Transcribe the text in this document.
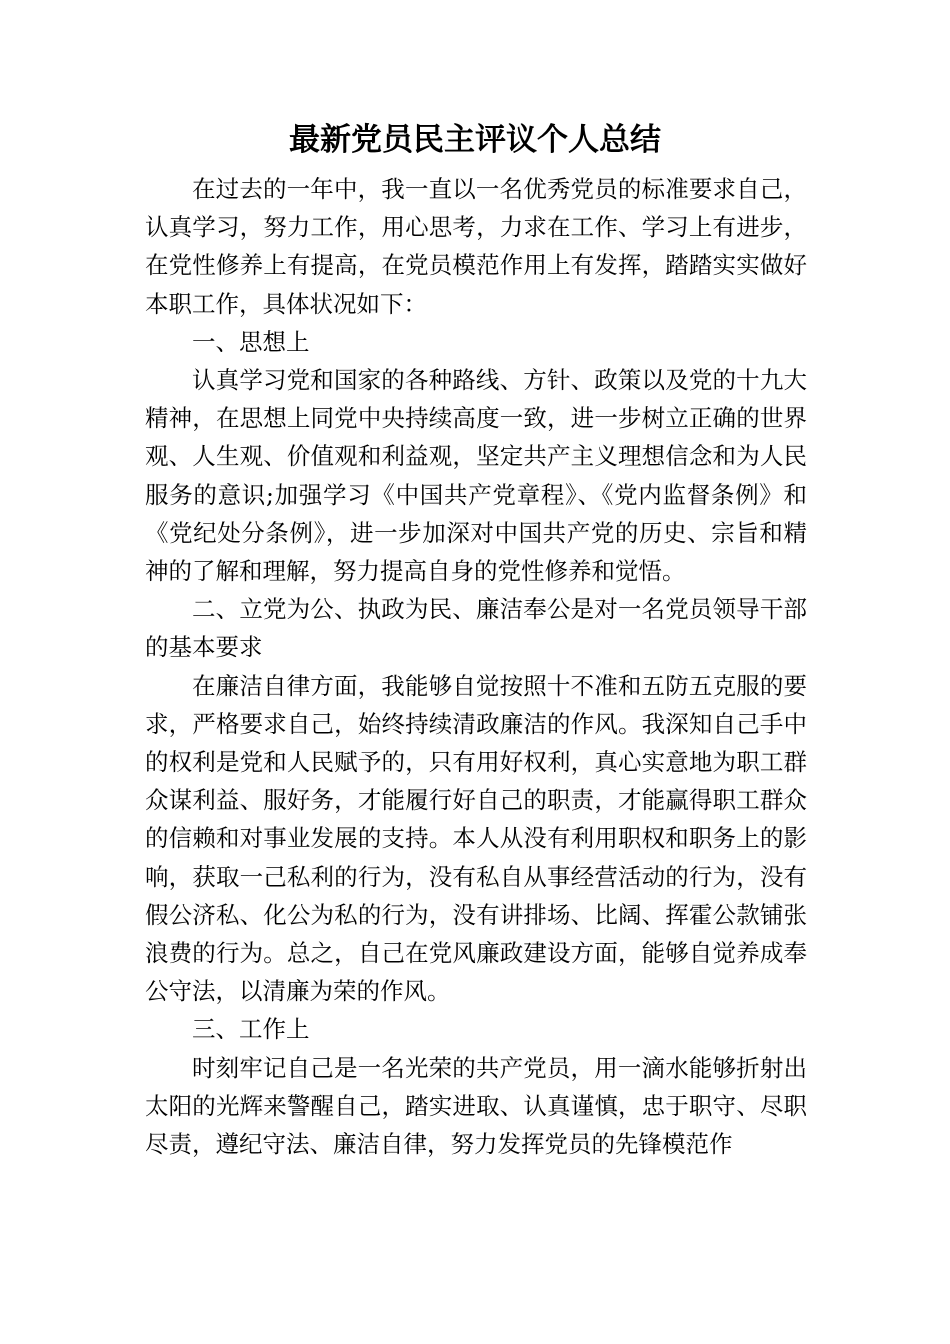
最新党员民主评议个人总结

在过去的一年中，我一直以一名优秀党员的标准要求自己，认真学习，努力工作，用心思考，力求在工作、学习上有进步，在党性修养上有提高，在党员模范作用上有发挥，踏踏实实做好本职工作，具体状况如下：

一、思想上

认真学习党和国家的各种路线、方针、政策以及党的十九大精神，在思想上同党中央持续高度一致，进一步树立正确的世界观、人生观、价值观和利益观，坚定共产主义理想信念和为人民服务的意识;加强学习《中国共产党章程》、《党内监督条例》和《党纪处分条例》，进一步加深对中国共产党的历史、宗旨和精神的了解和理解，努力提高自身的党性修养和觉悟。

二、立党为公、执政为民、廉洁奉公是对一名党员领导干部的基本要求

在廉洁自律方面，我能够自觉按照十不准和五防五克服的要求，严格要求自己，始终持续清政廉洁的作风。我深知自己手中的权利是党和人民赋予的，只有用好权利，真心实意地为职工群众谋利益、服好务，才能履行好自己的职责，才能赢得职工群众的信赖和对事业发展的支持。本人从没有利用职权和职务上的影响，获取一己私利的行为，没有私自从事经营活动的行为，没有假公济私、化公为私的行为，没有讲排场、比阔、挥霍公款铺张浪费的行为。总之，自己在党风廉政建设方面，能够自觉养成奉公守法，以清廉为荣的作风。

三、工作上

时刻牢记自己是一名光荣的共产党员，用一滴水能够折射出太阳的光辉来警醒自己，踏实进取、认真谨慎，忠于职守、尽职尽责，遵纪守法、廉洁自律，努力发挥党员的先锋模范作
